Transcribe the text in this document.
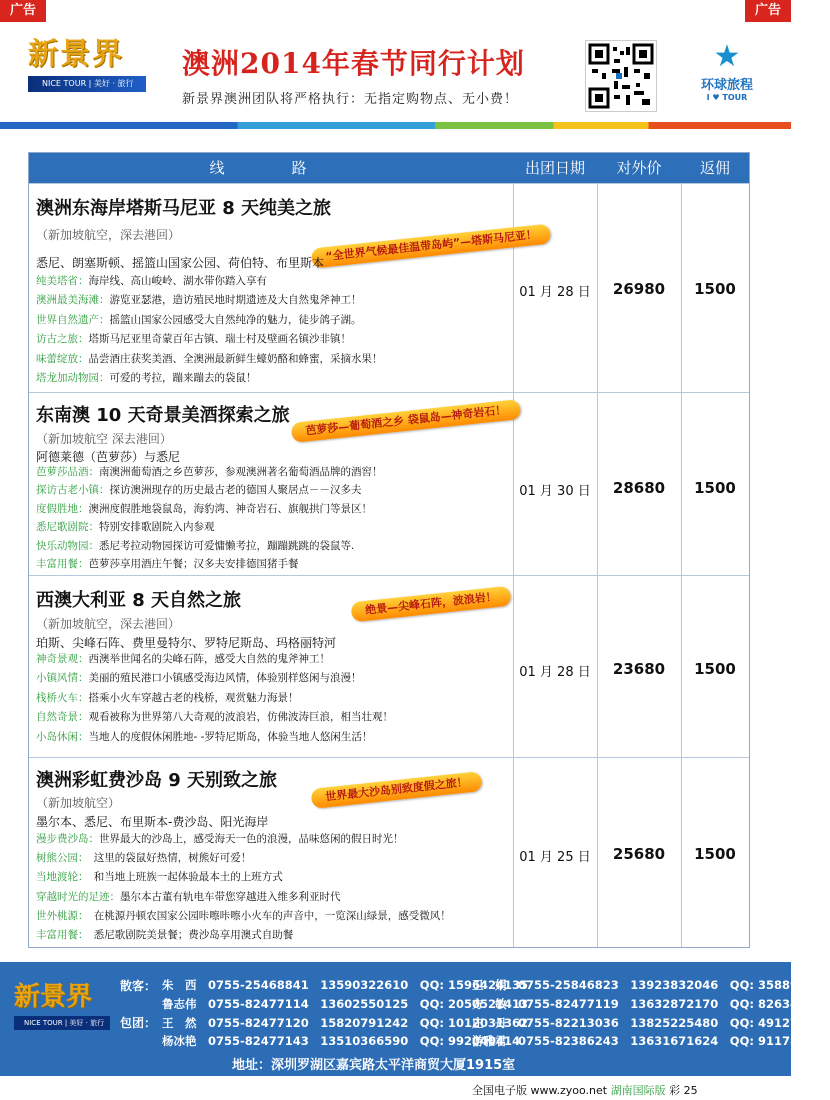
广告	广告
新景界
NICE TOUR | 美好 · 旅行
澳洲2014年春节同行计划
新景界澳洲团队将严格执行：无指定购物点、无小费！
★
环球旅程
I ♥ TOUR
线　路	出团日期	对外价	返佣
澳洲东海岸塔斯马尼亚 8 天纯美之旅
“全世界气候最佳温带岛屿”—塔斯马尼亚！
（新加坡航空，深去港回）
悉尼、朗塞斯顿、摇篮山国家公园、荷伯特、布里斯本
纯美塔省：海岸线、高山峻岭、湖水带你踏入享有
澳洲最美海滩：游览亚瑟港，造访殖民地时期遗迹及大自然鬼斧神工！
世界自然遗产：摇篮山国家公园感受大自然纯净的魅力，徒步鸽子湖。
访古之旅：塔斯马尼亚里奇蒙百年古镇、瑞士村及壁画名镇沙非镇！
味蕾绽放：品尝酒庄获奖美酒、全澳洲最新鲜生蠔奶酪和蜂蜜，采摘水果！
塔龙加动物园：可爱的考拉，蹦来蹦去的袋鼠！
01 月 28 日	26980	1500
东南澳 10 天奇景美酒探索之旅	芭萝莎—葡萄酒之乡 袋鼠岛—神奇岩石！
（新加坡航空 深去港回）
阿德莱德（芭萝莎）与悉尼
芭萝莎品酒：南澳洲葡萄酒之乡芭萝莎，参观澳洲著名葡萄酒品牌的酒窖！
探访古老小镇：探访澳洲现存的历史最古老的德国人聚居点－－汉多夫
度假胜地：澳洲度假胜地袋鼠岛，海豹湾、神奇岩石、旗舰拱门等景区！
悉尼歌剧院：特别安排歌剧院入内参观
快乐动物园：悉尼考拉动物园探访可爱慵懒考拉，蹦蹦跳跳的袋鼠等.
丰富用餐：芭萝莎享用酒庄午餐；汉多夫安排德国猪手餐
01 月 30 日	28680	1500
西澳大利亚 8 天自然之旅	绝景—尖峰石阵，波浪岩！
（新加坡航空，深去港回）
珀斯、尖峰石阵、费里曼特尔、罗特尼斯岛、玛格丽特河
神奇景观：西澳举世闻名的尖峰石阵，感受大自然的鬼斧神工！
小镇风情：美丽的殖民港口小镇感受海边风情，体验别样悠闲与浪漫！
栈桥火车：搭乘小火车穿越古老的栈桥，观赏魅力海景！
自然奇景：观看被称为世界第八大奇观的波浪岩，仿佛波涛巨浪，相当壮观！
小岛休闲：当地人的度假休闲胜地- -罗特尼斯岛，体验当地人悠闲生活！
01 月 28 日	23680	1500
澳洲彩虹费沙岛 9 天别致之旅	世界最大沙岛别致度假之旅！
（新加坡航空）
墨尔本、悉尼、布里斯本-费沙岛、阳光海岸
漫步费沙岛：世界最大的沙岛上，感受海天一色的浪漫，品味悠闲的假日时光！
树熊公园：　这里的袋鼠好热情，树熊好可爱！
当地渡轮：　和当地上班族一起体验最本土的上班方式
穿越时光的足迹：墨尔本古董有轨电车带您穿越进入维多利亚时代
世外桃源：　在桃源丹顿农国家公园咔嚓咔嚓小火车的声音中，一览深山绿景，感受微风！
丰富用餐：　悉尼歌剧院美景餐；费沙岛享用澳式自助餐
01 月 25 日	25680	1500
新景界
NICE TOUR | 美好 · 旅行
散客：
包团：
朱　西　0755-25468841　13590322610　QQ: 1596424135
卫　娟　0755-25846823　13923832046　QQ: 358896555
鲁志伟　0755-82477114　13602550125　QQ: 2050521413
方　敏　0755-82477119　13632872170　QQ: 82634015
王　然　0755-82477120　15820791242　QQ: 1012031362
庄　丹　0755-82213036　13825225480　QQ: 491279294
杨冰艳　0755-82477143　13510366590　QQ: 992040414
游雅君　0755-82386243　13631671624　QQ: 911780497
地址：深圳罗湖区嘉宾路太平洋商贸大厦1915室
全国电子版 www.zyoo.net 湖南国际版 彩 25
